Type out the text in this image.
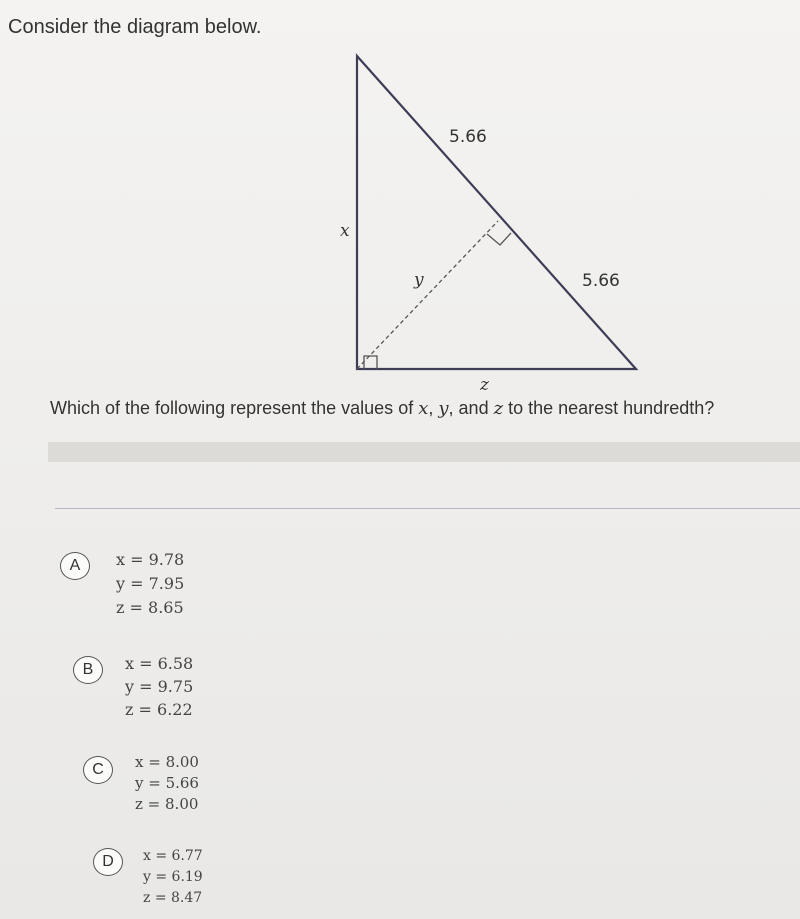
Consider the diagram below.
5.66
5.66
x
y
z
Which of the following represent the values of x, y, and z to the nearest hundredth?
A	x = 9.78
y = 7.95
z = 8.65
B	x = 6.58
y = 9.75
z = 6.22
C	x = 8.00
y = 5.66
z = 8.00
D	x = 6.77
y = 6.19
z = 8.47
